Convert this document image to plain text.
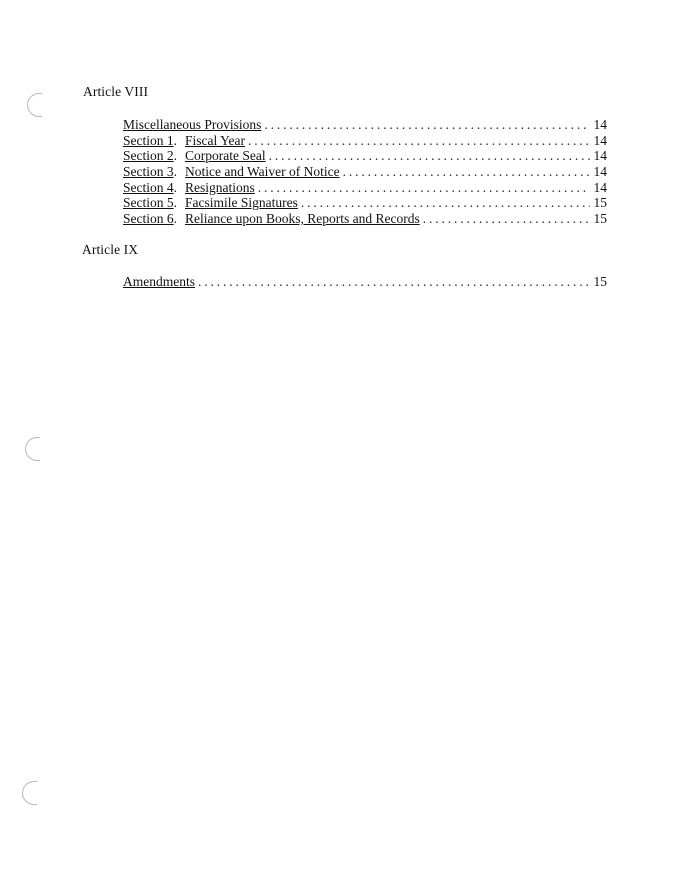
Article VIII
Miscellaneous Provisions . . .	14
Section 1. Fiscal Year . . .	14
Section 2. Corporate Seal . . .	14
Section 3. Notice and Waiver of Notice . . .	14
Section 4. Resignations . . .	14
Section 5. Facsimile Signatures . . .	15
Section 6. Reliance upon Books, Reports and Records . . .	15
Article IX
Amendments . . .	15
